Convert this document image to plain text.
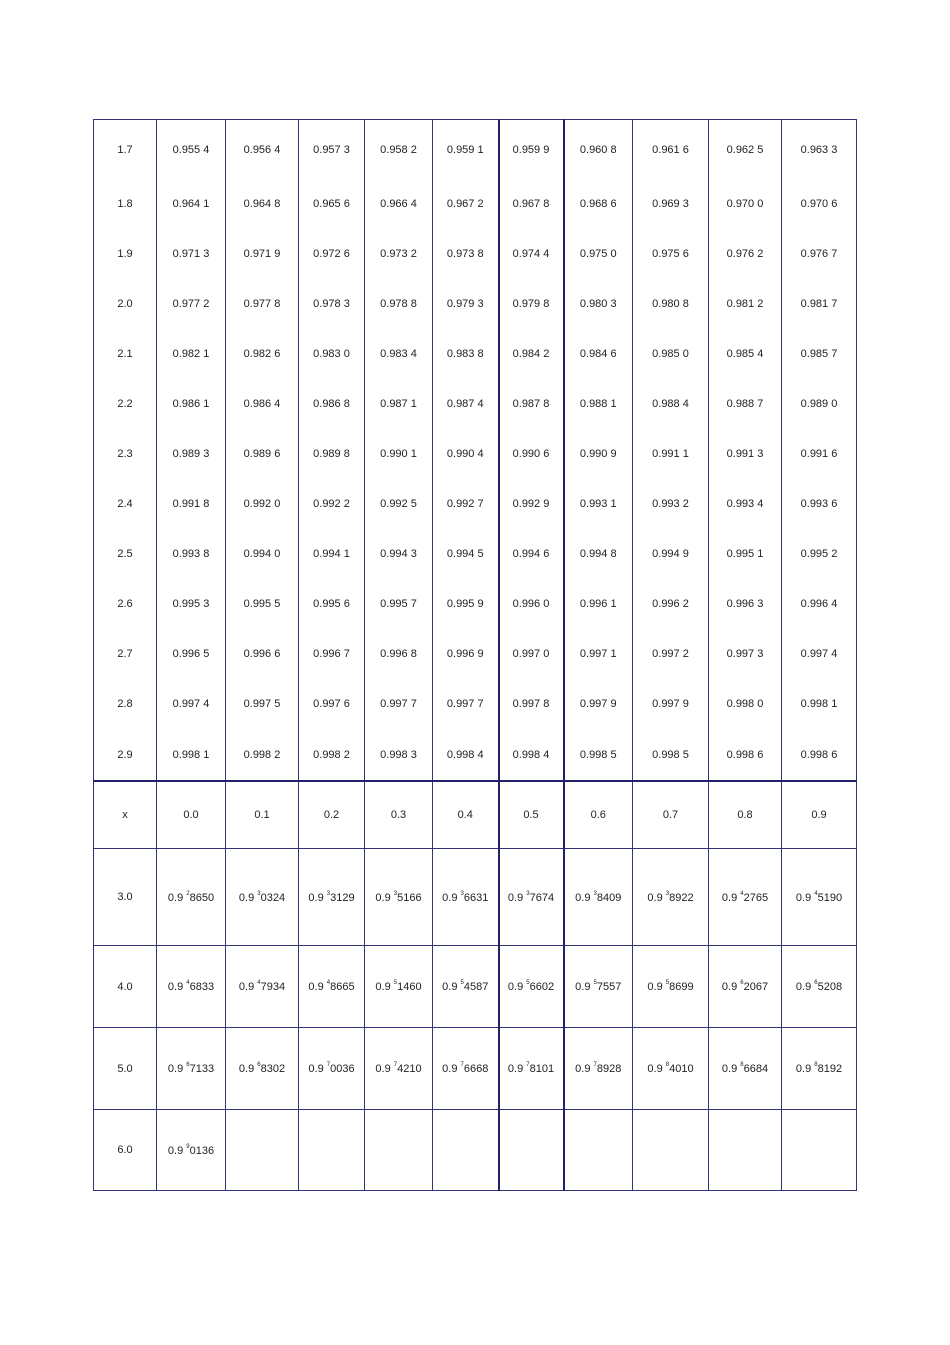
1.7	0.955 4	0.956 4	0.957 3	0.958 2	0.959 1	0.959 9	0.960 8	0.961 6	0.962 5	0.963 3
1.8	0.964 1	0.964 8	0.965 6	0.966 4	0.967 2	0.967 8	0.968 6	0.969 3	0.970 0	0.970 6
1.9	0.971 3	0.971 9	0.972 6	0.973 2	0.973 8	0.974 4	0.975 0	0.975 6	0.976 2	0.976 7
2.0	0.977 2	0.977 8	0.978 3	0.978 8	0.979 3	0.979 8	0.980 3	0.980 8	0.981 2	0.981 7
2.1	0.982 1	0.982 6	0.983 0	0.983 4	0.983 8	0.984 2	0.984 6	0.985 0	0.985 4	0.985 7
2.2	0.986 1	0.986 4	0.986 8	0.987 1	0.987 4	0.987 8	0.988 1	0.988 4	0.988 7	0.989 0
2.3	0.989 3	0.989 6	0.989 8	0.990 1	0.990 4	0.990 6	0.990 9	0.991 1	0.991 3	0.991 6
2.4	0.991 8	0.992 0	0.992 2	0.992 5	0.992 7	0.992 9	0.993 1	0.993 2	0.993 4	0.993 6
2.5	0.993 8	0.994 0	0.994 1	0.994 3	0.994 5	0.994 6	0.994 8	0.994 9	0.995 1	0.995 2
2.6	0.995 3	0.995 5	0.995 6	0.995 7	0.995 9	0.996 0	0.996 1	0.996 2	0.996 3	0.996 4
2.7	0.996 5	0.996 6	0.996 7	0.996 8	0.996 9	0.997 0	0.997 1	0.997 2	0.997 3	0.997 4
2.8	0.997 4	0.997 5	0.997 6	0.997 7	0.997 7	0.997 8	0.997 9	0.997 9	0.998 0	0.998 1
2.9	0.998 1	0.998 2	0.998 2	0.998 3	0.998 4	0.998 4	0.998 5	0.998 5	0.998 6	0.998 6
x	0.0	0.1	0.2	0.3	0.4	0.5	0.6	0.7	0.8	0.9
3.0	0.9 $^2$8650	0.9 $^3$0324	0.9 $^3$3129	0.9 $^3$5166	0.9 $^3$6631	0.9 $^3$7674	0.9 $^3$8409	0.9 $^3$8922	0.9 $^4$2765	0.9 $^4$5190
4.0	0.9 $^4$6833	0.9 $^4$7934	0.9 $^4$8665	0.9 $^5$1460	0.9 $^5$4587	0.9 $^5$6602	0.9 $^5$7557	0.9 $^5$8699	0.9 $^6$2067	0.9 $^6$5208
5.0	0.9 $^6$7133	0.9 $^6$8302	0.9 $^7$0036	0.9 $^7$4210	0.9 $^7$6668	0.9 $^7$8101	0.9 $^7$8928	0.9 $^8$4010	0.9 $^8$6684	0.9 $^8$8192
6.0	0.9 $^9$0136									
